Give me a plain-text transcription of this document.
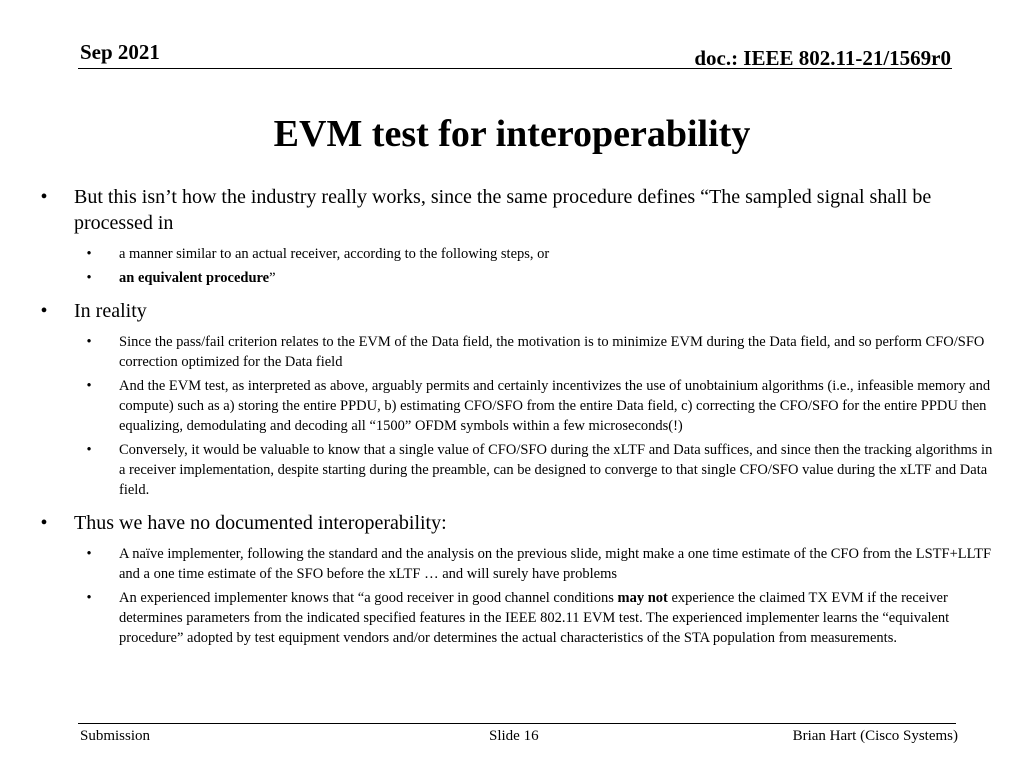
Sep 2021	doc.: IEEE 802.11-21/1569r0
EVM test for interoperability
•	But this isn’t how the industry really works, since the same procedure defines “The sampled signal shall be processed in
• a manner similar to an actual receiver, according to the following steps, or
• an equivalent procedure”
•	In reality
• Since the pass/fail criterion relates to the EVM of the Data field, the motivation is to minimize EVM during the Data field, and so perform CFO/SFO correction optimized for the Data field
• And the EVM test, as interpreted as above, arguably permits and certainly incentivizes the use of unobtainium algorithms (i.e., infeasible memory and compute) such as a) storing the entire PPDU, b) estimating CFO/SFO from the entire Data field, c) correcting the CFO/SFO for the entire PPDU then equalizing, demodulating and decoding all “1500” OFDM symbols within a few microseconds(!)
• Conversely, it would be valuable to know that a single value of CFO/SFO during the xLTF and Data suffices, and since then the tracking algorithms in a receiver implementation, despite starting during the preamble, can be designed to converge to that single CFO/SFO value during the xLTF and Data field.
•	Thus we have no documented interoperability:
• A naïve implementer, following the standard and the analysis on the previous slide, might make a one time estimate of the CFO from the LSTF+LLTF and a one time estimate of the SFO before the xLTF … and will surely have problems
• An experienced implementer knows that “a good receiver in good channel conditions may not experience the claimed TX EVM if the receiver determines parameters from the indicated specified features in the IEEE 802.11 EVM test. The experienced implementer learns the “equivalent procedure” adopted by test equipment vendors and/or determines the actual characteristics of the STA population from measurements.
Submission	Slide 16	Brian Hart (Cisco Systems)
